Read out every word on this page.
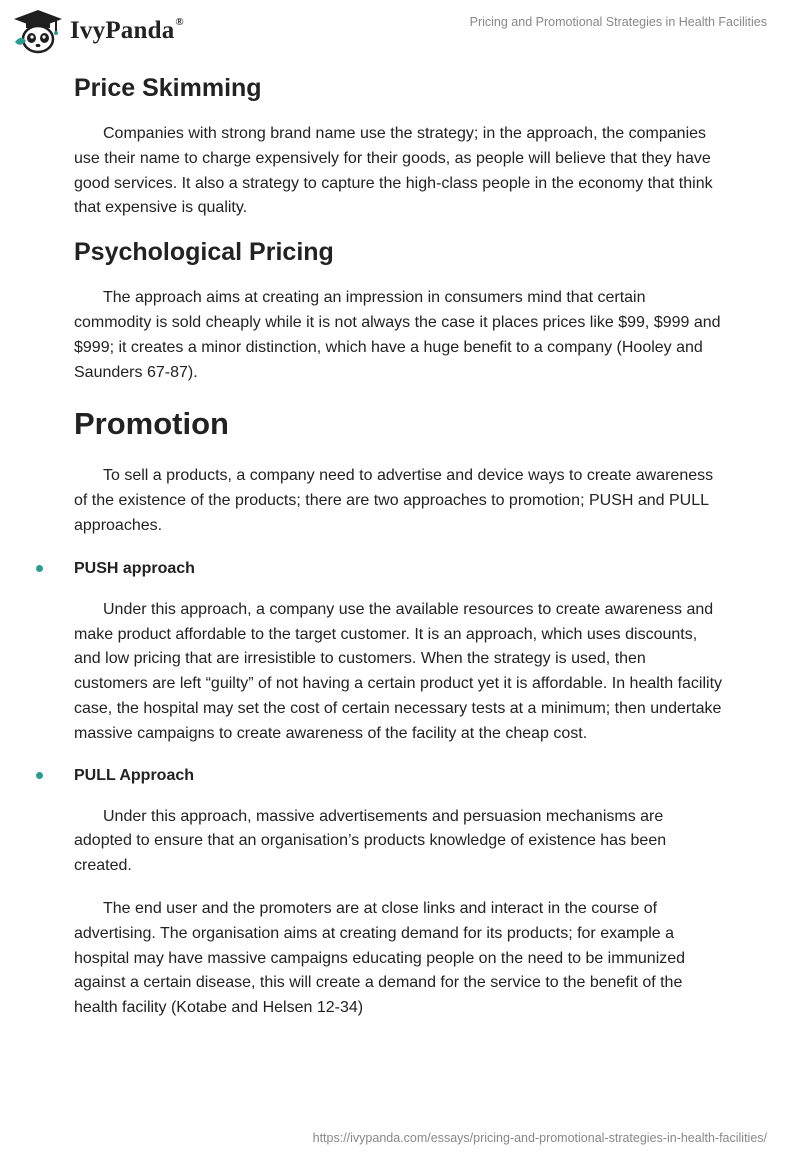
IvyPanda®	Pricing and Promotional Strategies in Health Facilities
Price Skimming

Companies with strong brand name use the strategy; in the approach, the companies use their name to charge expensively for their goods, as people will believe that they have good services. It also a strategy to capture the high-class people in the economy that think that expensive is quality.

Psychological Pricing

The approach aims at creating an impression in consumers mind that certain commodity is sold cheaply while it is not always the case it places prices like $99, $999 and $999; it creates a minor distinction, which have a huge benefit to a company (Hooley and Saunders 67-87).

Promotion

To sell a products, a company need to advertise and device ways to create awareness of the existence of the products; there are two approaches to promotion; PUSH and PULL approaches.

PUSH approach

Under this approach, a company use the available resources to create awareness and make product affordable to the target customer. It is an approach, which uses discounts, and low pricing that are irresistible to customers. When the strategy is used, then customers are left “guilty” of not having a certain product yet it is affordable. In health facility case, the hospital may set the cost of certain necessary tests at a minimum; then undertake massive campaigns to create awareness of the facility at the cheap cost.

PULL Approach

Under this approach, massive advertisements and persuasion mechanisms are adopted to ensure that an organisation’s products knowledge of existence has been created.

The end user and the promoters are at close links and interact in the course of advertising. The organisation aims at creating demand for its products; for example a hospital may have massive campaigns educating people on the need to be immunized against a certain disease, this will create a demand for the service to the benefit of the health facility (Kotabe and Helsen 12-34)

https://ivypanda.com/essays/pricing-and-promotional-strategies-in-health-facilities/
